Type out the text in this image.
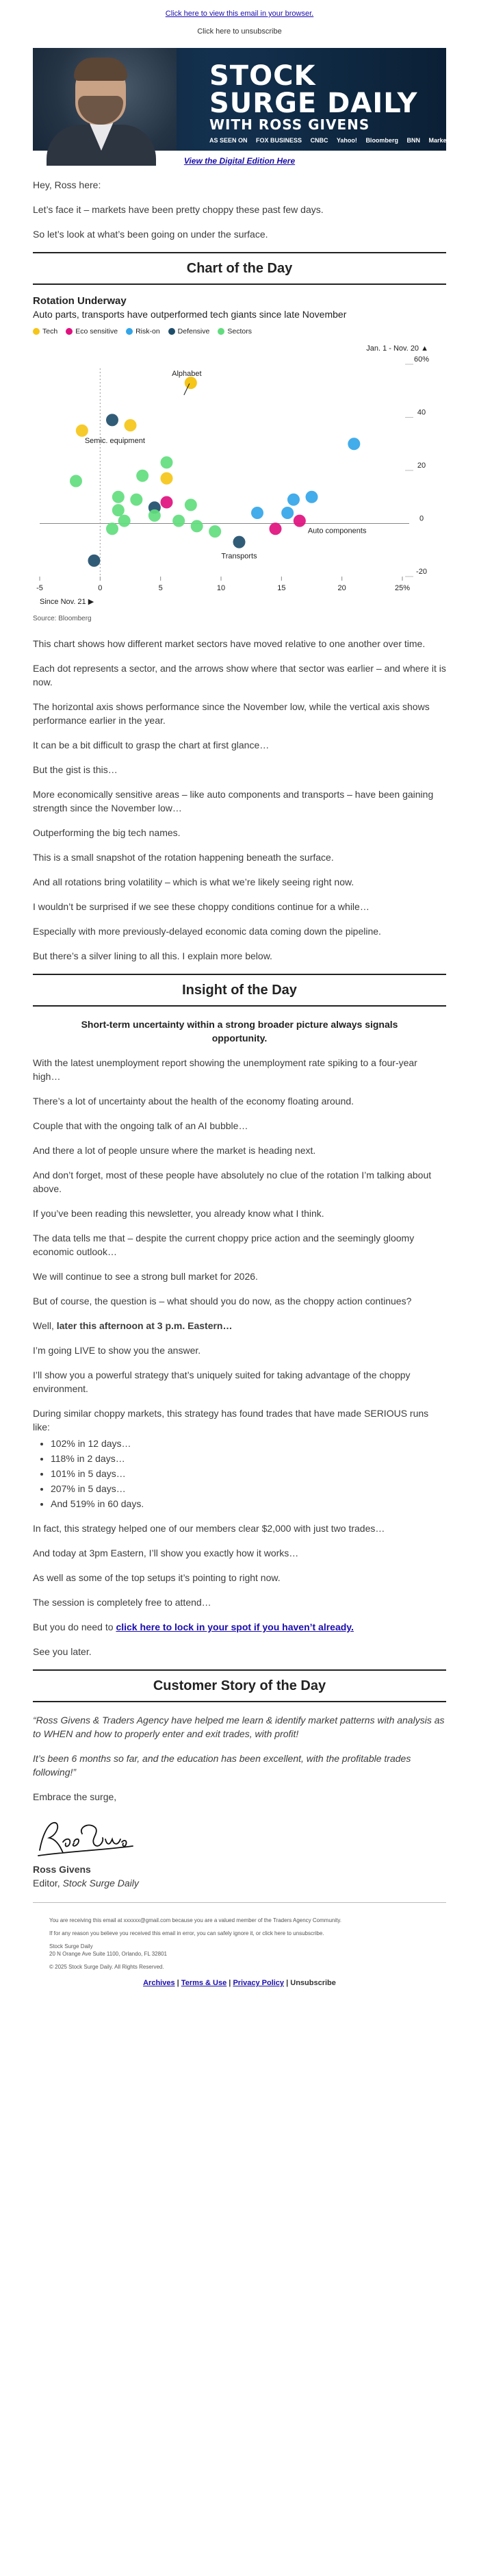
Click here to view this email in your browser.
Click here to unsubscribe
STOCK
SURGE DAILY
WITH ROSS GIVENS
AS SEEN ON FOX BUSINESS CNBC Yahoo! Bloomberg BNN MarketWatch
View the Digital Edition Here

Hey, Ross here:

Let’s face it – markets have been pretty choppy these past few days.

So let’s look at what’s been going on under the surface.

Chart of the Day
Rotation Underway
Auto parts, transports have outperformed tech giants since late November
Tech Eco sensitive Risk-on Defensive Sectors
Jan. 1 - Nov. 20 ▲
-20
0
20
40
60%
-5	0	5	10	15	20	25%
Since Nov. 21 ▶
Alphabet
Semic. equipment
Transports
Auto components
Source: Bloomberg

This chart shows how different market sectors have moved relative to one another over time.

Each dot represents a sector, and the arrows show where that sector was earlier – and where it is now.

The horizontal axis shows performance since the November low, while the vertical axis shows performance earlier in the year.

It can be a bit difficult to grasp the chart at first glance…

But the gist is this…

More economically sensitive areas – like auto components and transports – have been gaining strength since the November low…

Outperforming the big tech names.

This is a small snapshot of the rotation happening beneath the surface.

And all rotations bring volatility – which is what we’re likely seeing right now.

I wouldn’t be surprised if we see these choppy conditions continue for a while…

Especially with more previously-delayed economic data coming down the pipeline.

But there’s a silver lining to all this. I explain more below.

Insight of the Day

Short-term uncertainty within a strong broader picture always signals opportunity.

With the latest unemployment report showing the unemployment rate spiking to a four-year high…

There’s a lot of uncertainty about the health of the economy floating around.

Couple that with the ongoing talk of an AI bubble…

And there a lot of people unsure where the market is heading next.

And don’t forget, most of these people have absolutely no clue of the rotation I’m talking about above.

If you’ve been reading this newsletter, you already know what I think.

The data tells me that – despite the current choppy price action and the seemingly gloomy economic outlook…

We will continue to see a strong bull market for 2026.

But of course, the question is – what should you do now, as the choppy action continues?

Well, later this afternoon at 3 p.m. Eastern…

I’m going LIVE to show you the answer.

I’ll show you a powerful strategy that’s uniquely suited for taking advantage of the choppy environment.

During similar choppy markets, this strategy has found trades that have made SERIOUS runs like:

• 102% in 12 days…
• 118% in 2 days…
• 101% in 5 days…
• 207% in 5 days…
• And 519% in 60 days.

In fact, this strategy helped one of our members clear $2,000 with just two trades…

And today at 3pm Eastern, I’ll show you exactly how it works…

As well as some of the top setups it’s pointing to right now.

The session is completely free to attend…

But you do need to click here to lock in your spot if you haven’t already.

See you later.

Customer Story of the Day

“Ross Givens & Traders Agency have helped me learn & identify market patterns with analysis as to WHEN and how to properly enter and exit trades, with profit!

It’s been 6 months so far, and the education has been excellent, with the profitable trades following!”

Embrace the surge,

Ross Givens
Editor, Stock Surge Daily

You are receiving this email at xxxxxx@gmail.com because you are a valued member of the Traders Agency Community.

If for any reason you believe you received this email in error, you can safely ignore it, or click here to unsubscribe.

Stock Surge Daily
20 N Orange Ave Suite 1100, Orlando, FL 32801

© 2025 Stock Surge Daily. All Rights Reserved.

Archives | Terms & Use | Privacy Policy | Unsubscribe
